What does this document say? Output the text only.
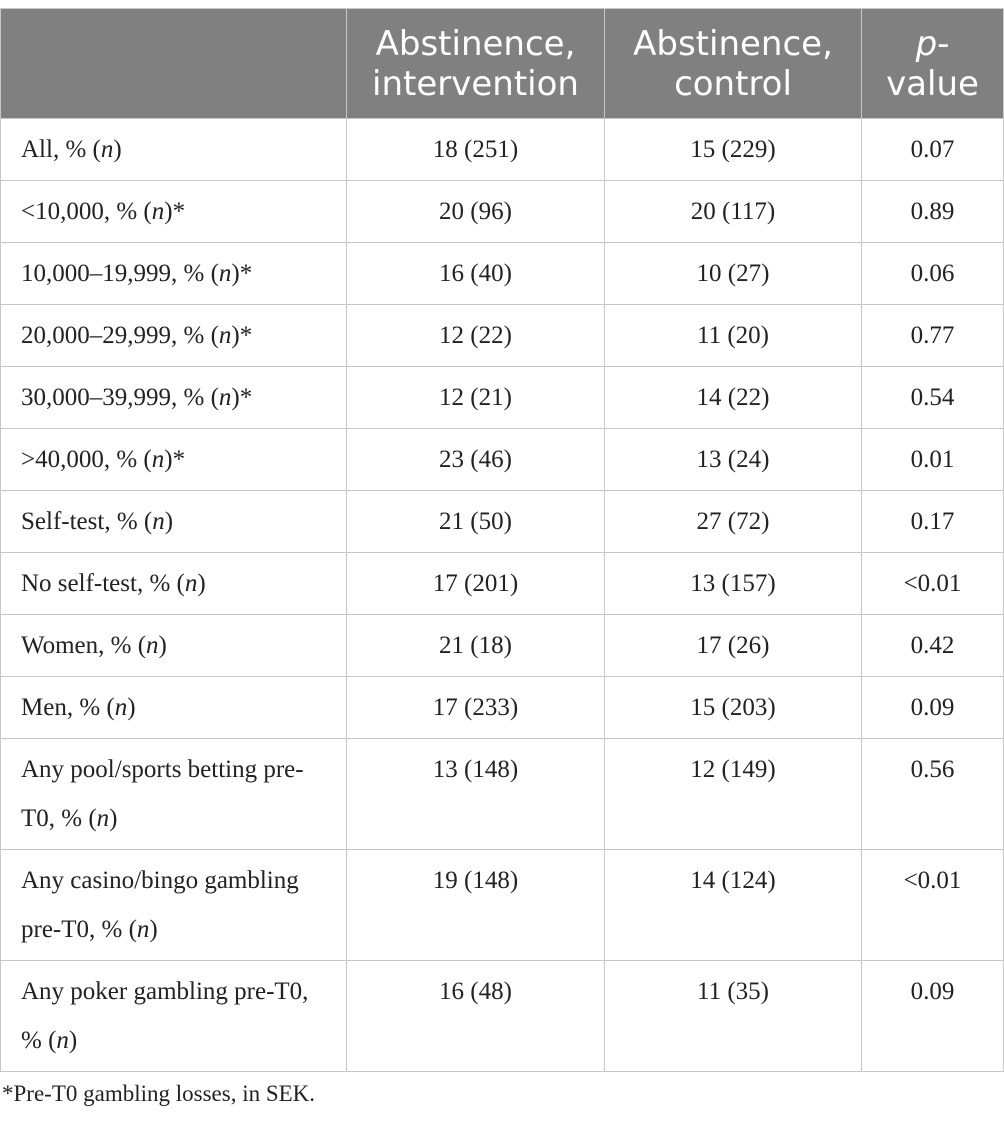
	Abstinence, intervention	Abstinence, control	p-value
All, % (n)	18 (251)	15 (229)	0.07
<10,000, % (n)*	20 (96)	20 (117)	0.89
10,000–19,999, % (n)*	16 (40)	10 (27)	0.06
20,000–29,999, % (n)*	12 (22)	11 (20)	0.77
30,000–39,999, % (n)*	12 (21)	14 (22)	0.54
>40,000, % (n)*	23 (46)	13 (24)	0.01
Self-test, % (n)	21 (50)	27 (72)	0.17
No self-test, % (n)	17 (201)	13 (157)	<0.01
Women, % (n)	21 (18)	17 (26)	0.42
Men, % (n)	17 (233)	15 (203)	0.09
Any pool/sports betting pre-T0, % (n)	13 (148)	12 (149)	0.56
Any casino/bingo gambling pre-T0, % (n)	19 (148)	14 (124)	<0.01
Any poker gambling pre-T0, % (n)	16 (48)	11 (35)	0.09
*Pre-T0 gambling losses, in SEK.
